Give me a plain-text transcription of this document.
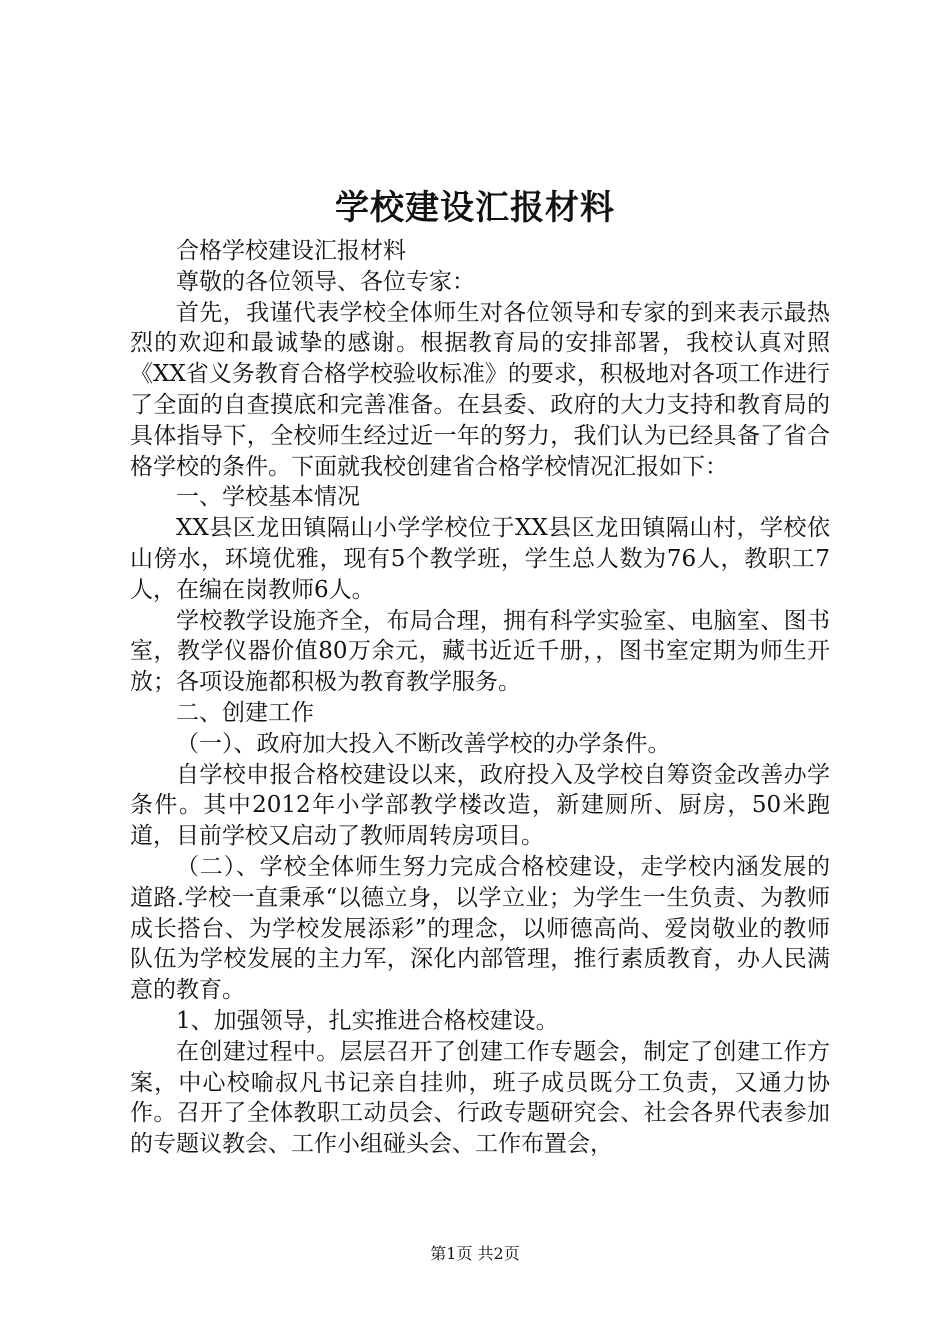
学校建设汇报材料

合格学校建设汇报材料

尊敬的各位领导、各位专家：

首先，我谨代表学校全体师生对各位领导和专家的到来表示最热烈的欢迎和最诚挚的感谢。根据教育局的安排部署，我校认真对照《XX省义务教育合格学校验收标准》的要求，积极地对各项工作进行了全面的自查摸底和完善准备。在县委、政府的大力支持和教育局的具体指导下，全校师生经过近一年的努力，我们认为已经具备了省合格学校的条件。下面就我校创建省合格学校情况汇报如下：

一、学校基本情况

XX县区龙田镇隔山小学学校位于XX县区龙田镇隔山村，学校依山傍水，环境优雅，现有5个教学班，学生总人数为76人，教职工7人，在编在岗教师6人。

学校教学设施齐全，布局合理，拥有科学实验室、电脑室、图书室，教学仪器价值80万余元，藏书近近千册，，图书室定期为师生开放；各项设施都积极为教育教学服务。

二、创建工作

（一）、政府加大投入不断改善学校的办学条件。

自学校申报合格校建设以来，政府投入及学校自筹资金改善办学条件。其中2012年小学部教学楼改造，新建厕所、厨房，50米跑道，目前学校又启动了教师周转房项目。

（二）、学校全体师生努力完成合格校建设，走学校内涵发展的道路.学校一直秉承“以德立身，以学立业；为学生一生负责、为教师成长搭台、为学校发展添彩”的理念，以师德高尚、爱岗敬业的教师队伍为学校发展的主力军，深化内部管理，推行素质教育，办人民满意的教育。

1、加强领导，扎实推进合格校建设。

在创建过程中。层层召开了创建工作专题会，制定了创建工作方案，中心校喻叔凡书记亲自挂帅，班子成员既分工负责，又通力协作。召开了全体教职工动员会、行政专题研究会、社会各界代表参加的专题议教会、工作小组碰头会、工作布置会，

第1页 共2页
